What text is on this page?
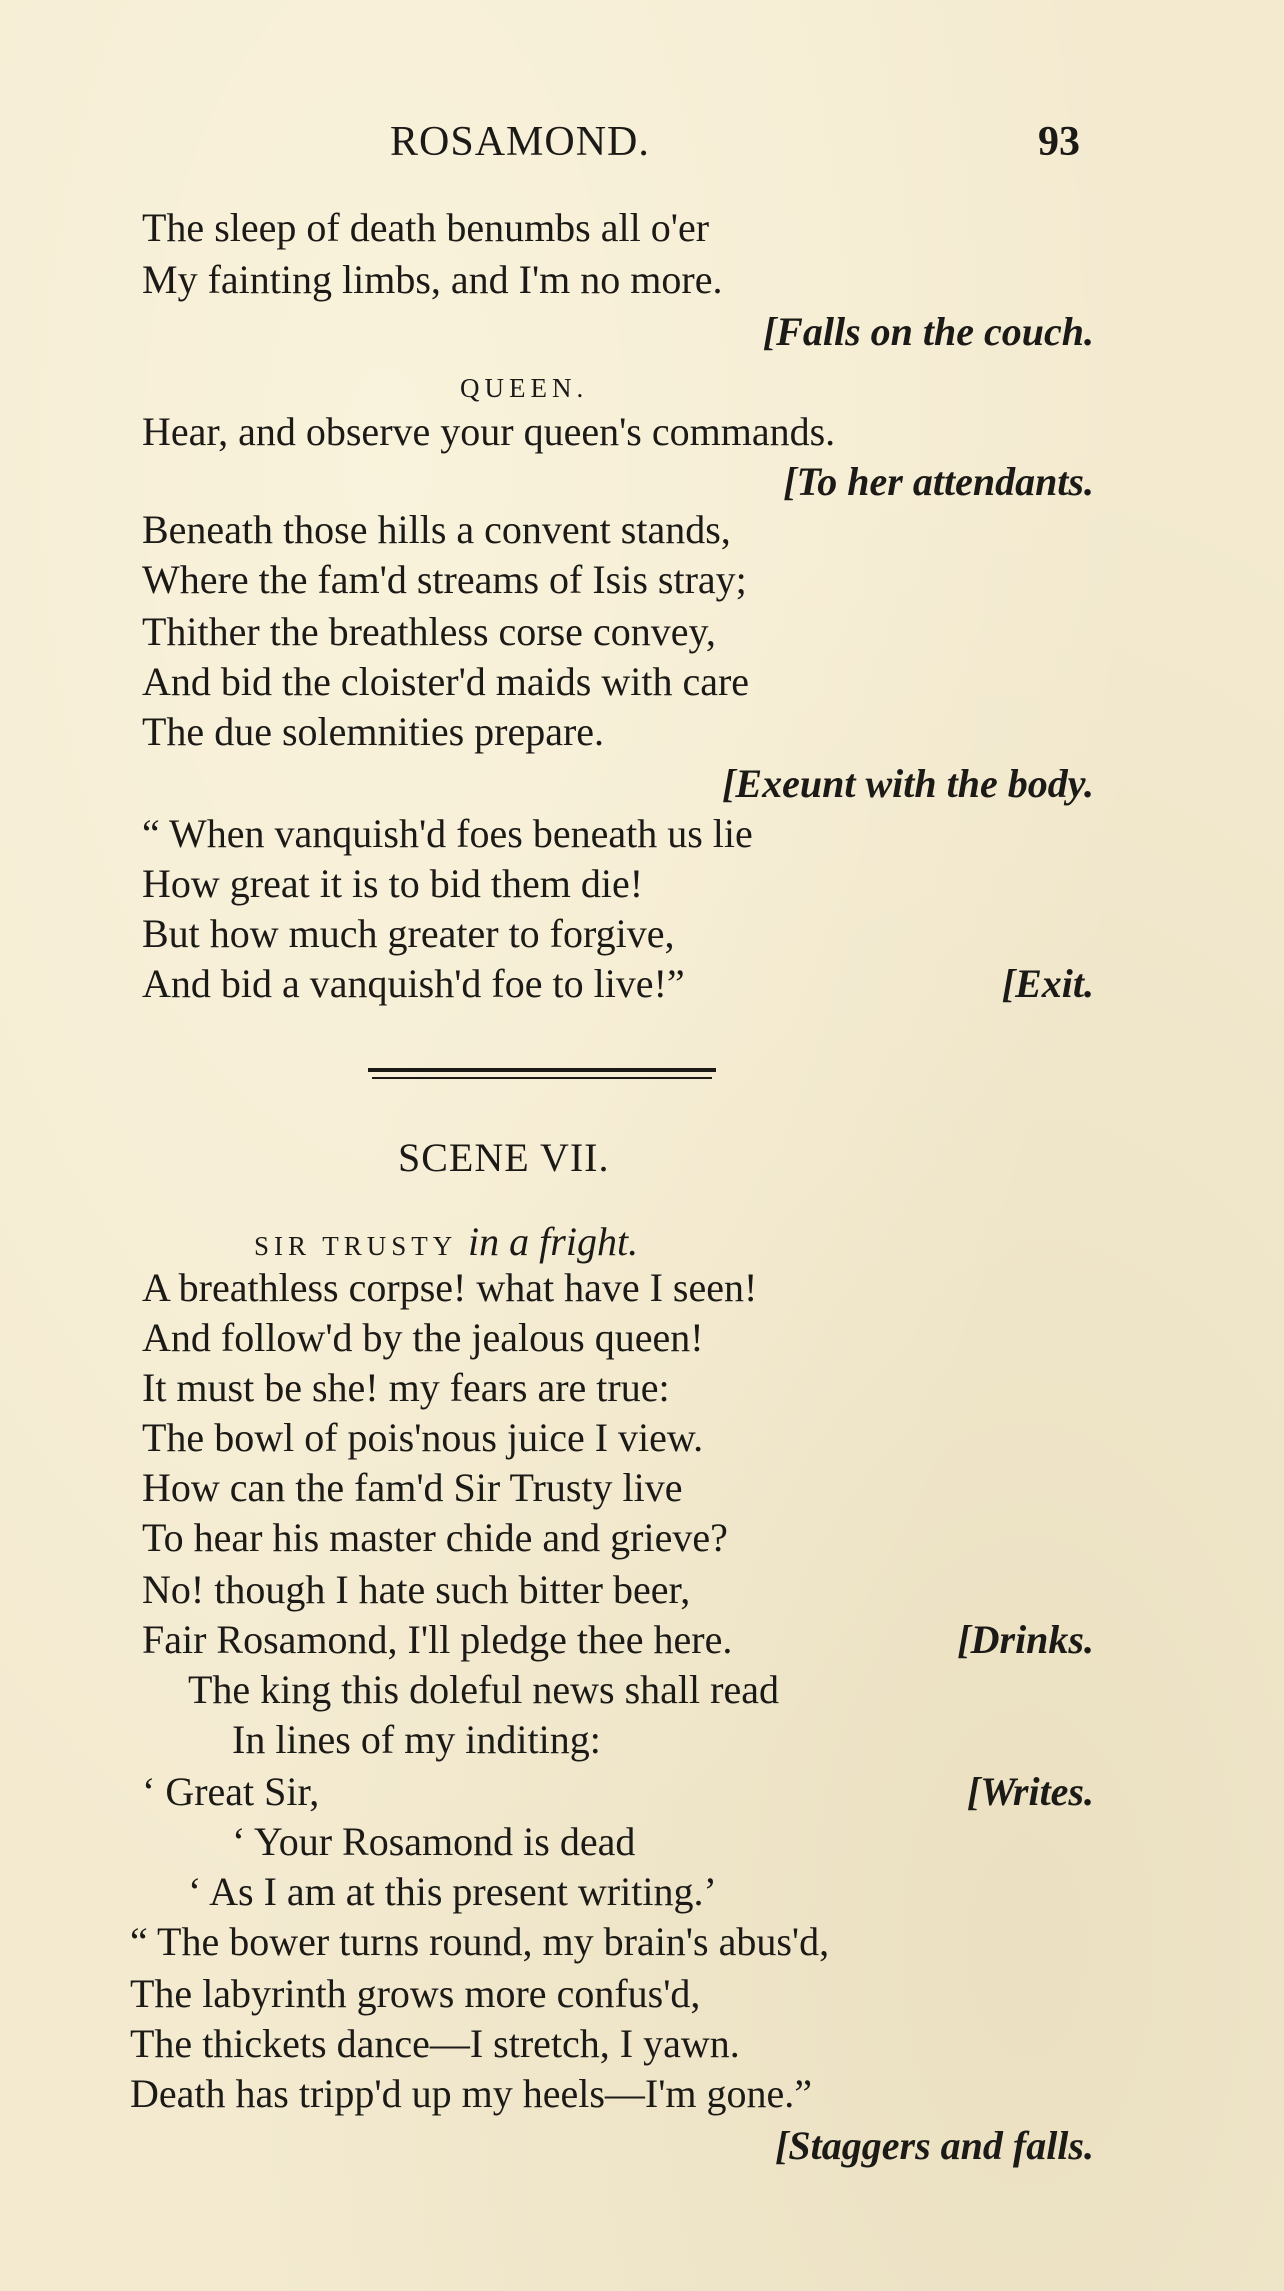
ROSAMOND.	93
The sleep of death benumbs all o'er
My fainting limbs, and I'm no more.
[Falls on the couch.
QUEEN.
Hear, and observe your queen's commands.
[To her attendants.
Beneath those hills a convent stands,
Where the fam'd streams of Isis stray;
Thither the breathless corse convey,
And bid the cloister'd maids with care
The due solemnities prepare.
[Exeunt with the body.
“ When vanquish'd foes beneath us lie
How great it is to bid them die!
But how much greater to forgive,
And bid a vanquish'd foe to live!”	[Exit.
SCENE VII.
SIR TRUSTY in a fright.
A breathless corpse! what have I seen!
And follow'd by the jealous queen!
It must be she! my fears are true:
The bowl of pois'nous juice I view.
How can the fam'd Sir Trusty live
To hear his master chide and grieve?
No! though I hate such bitter beer,
Fair Rosamond, I'll pledge thee here.	[Drinks.
The king this doleful news shall read
In lines of my inditing:
‘ Great Sir,	[Writes.
‘ Your Rosamond is dead
‘ As I am at this present writing.’
“ The bower turns round, my brain's abus'd,
The labyrinth grows more confus'd,
The thickets dance—I stretch, I yawn.
Death has tripp'd up my heels—I'm gone.”
[Staggers and falls.
